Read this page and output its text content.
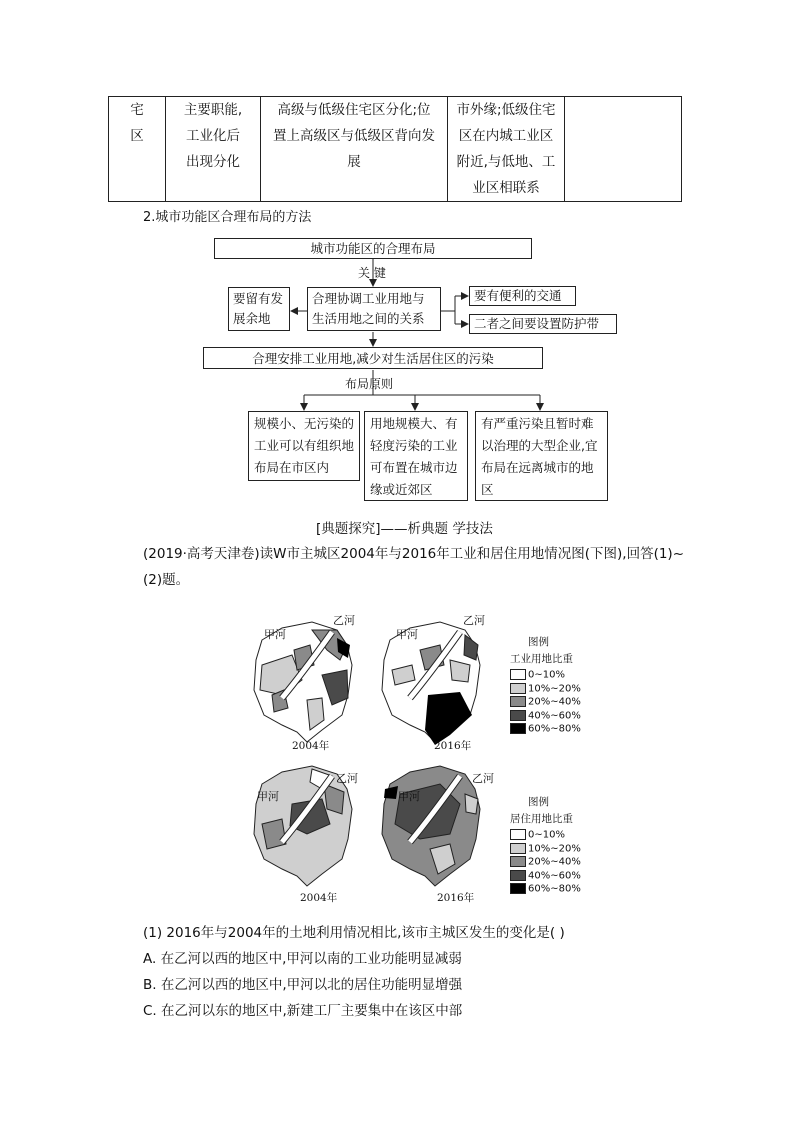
宅
区

主要职能,
工业化后
出现分化

高级与低级住宅区分化;位
置上高级区与低级区背向发
展

市外缘;低级住宅
区在内城工业区
附近,与低地、工
业区相联系

2.城市功能区合理布局的方法
城市功能区的合理布局
关 键
要留有发展余地
合理协调工业用地与生活用地之间的关系
要有便利的交通
二者之间要设置防护带
合理安排工业用地,减少对生活居住区的污染
布局原则
规模小、无污染的工业可以有组织地布局在市区内
用地规模大、有轻度污染的工业可布置在城市边缘或近郊区
有严重污染且暂时难以治理的大型企业,宜布局在远离城市的地区
[典题探究]——析典题 学技法
(2019·高考天津卷)读W市主城区2004年与2016年工业和居住用地情况图(下图),回答(1)~
(2)题。
甲河
乙河
甲河
乙河
2004年	2016年
甲河
乙河
甲河
乙河
2004年	2016年
图例
工业用地比重
0~10%
10%~20%
20%~40%
40%~60%
60%~80%
图例
居住用地比重
0~10%
10%~20%
20%~40%
40%~60%
60%~80%
(1) 2016年与2004年的土地利用情况相比,该市主城区发生的变化是( )
A. 在乙河以西的地区中,甲河以南的工业功能明显减弱
B. 在乙河以西的地区中,甲河以北的居住功能明显增强
C. 在乙河以东的地区中,新建工厂主要集中在该区中部
